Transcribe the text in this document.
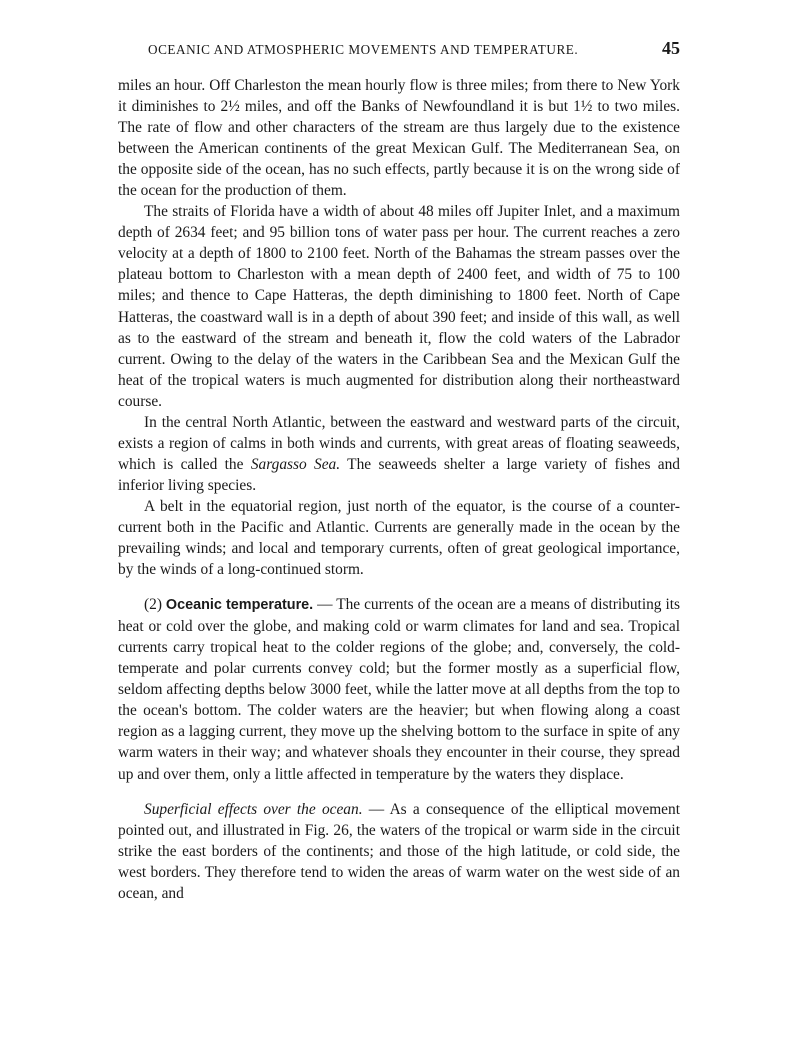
OCEANIC AND ATMOSPHERIC MOVEMENTS AND TEMPERATURE.	45

miles an hour. Off Charleston the mean hourly flow is three miles; from there to New York it diminishes to 2½ miles, and off the Banks of Newfoundland it is but 1½ to two miles. The rate of flow and other characters of the stream are thus largely due to the existence between the American continents of the great Mexican Gulf. The Mediterranean Sea, on the opposite side of the ocean, has no such effects, partly because it is on the wrong side of the ocean for the production of them.

The straits of Florida have a width of about 48 miles off Jupiter Inlet, and a maximum depth of 2634 feet; and 95 billion tons of water pass per hour. The current reaches a zero velocity at a depth of 1800 to 2100 feet. North of the Bahamas the stream passes over the plateau bottom to Charleston with a mean depth of 2400 feet, and width of 75 to 100 miles; and thence to Cape Hatteras, the depth diminishing to 1800 feet. North of Cape Hatteras, the coastward wall is in a depth of about 390 feet; and inside of this wall, as well as to the eastward of the stream and beneath it, flow the cold waters of the Labrador current. Owing to the delay of the waters in the Caribbean Sea and the Mexican Gulf the heat of the tropical waters is much augmented for distribution along their northeastward course.

In the central North Atlantic, between the eastward and westward parts of the circuit, exists a region of calms in both winds and currents, with great areas of floating seaweeds, which is called the Sargasso Sea. The seaweeds shelter a large variety of fishes and inferior living species.

A belt in the equatorial region, just north of the equator, is the course of a counter-current both in the Pacific and Atlantic. Currents are generally made in the ocean by the prevailing winds; and local and temporary currents, often of great geological importance, by the winds of a long-continued storm.

(2) Oceanic temperature. — The currents of the ocean are a means of distributing its heat or cold over the globe, and making cold or warm climates for land and sea. Tropical currents carry tropical heat to the colder regions of the globe; and, conversely, the cold-temperate and polar currents convey cold; but the former mostly as a superficial flow, seldom affecting depths below 3000 feet, while the latter move at all depths from the top to the ocean's bottom. The colder waters are the heavier; but when flowing along a coast region as a lagging current, they move up the shelving bottom to the surface in spite of any warm waters in their way; and whatever shoals they encounter in their course, they spread up and over them, only a little affected in temperature by the waters they displace.

Superficial effects over the ocean. — As a consequence of the elliptical movement pointed out, and illustrated in Fig. 26, the waters of the tropical or warm side in the circuit strike the east borders of the continents; and those of the high latitude, or cold side, the west borders. They therefore tend to widen the areas of warm water on the west side of an ocean, and
